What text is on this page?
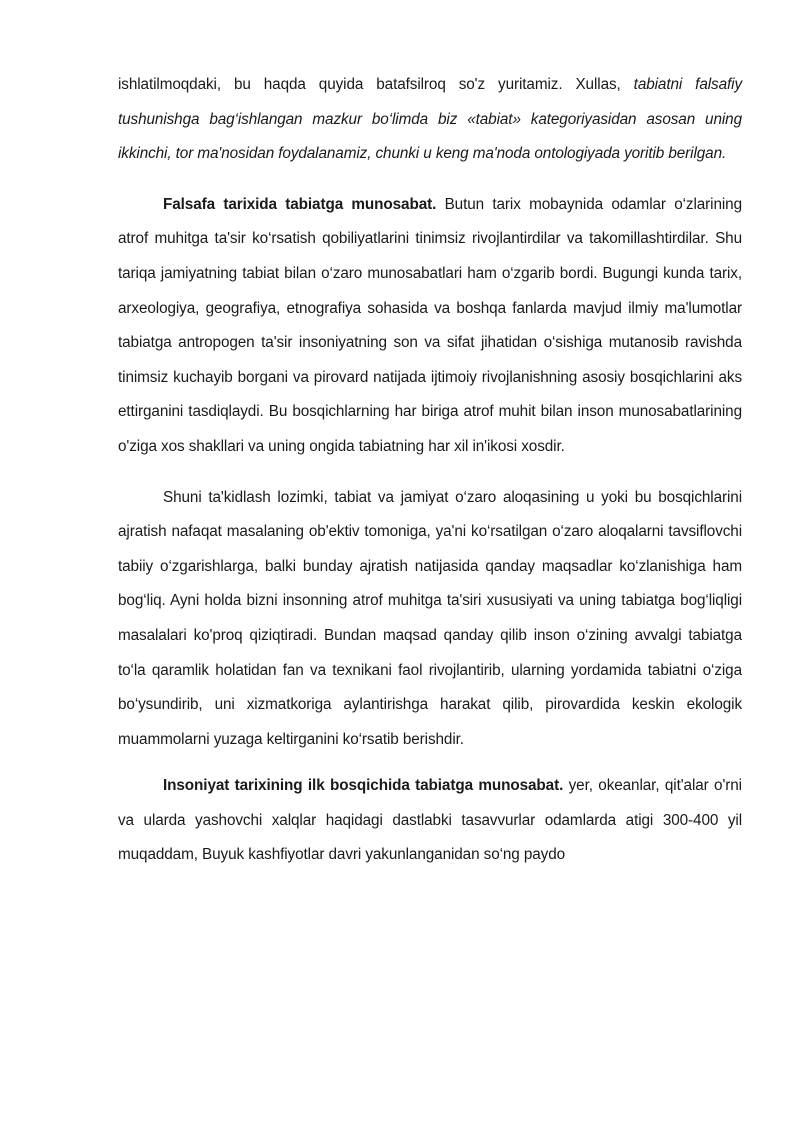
ishlatilmoqdaki, bu haqda quyida batafsilroq so'z yuritamiz. Xullas, tabiatni falsafiy tushunishga bag‘ishlangan mazkur bo‘limda biz «tabiat» kategoriyasidan asosan uning ikkinchi, tor ma'nosidan foydalanamiz, chunki u keng ma'noda ontologiyada yoritib berilgan.

Falsafa tarixida tabiatga munosabat. Butun tarix mobaynida odamlar o‘zlarining atrof muhitga ta'sir ko‘rsatish qobiliyatlarini tinimsiz rivojlantirdilar va takomillashtirdilar. Shu tariqa jamiyatning tabiat bilan o‘zaro munosabatlari ham o‘zgarib bordi. Bugungi kunda tarix, arxeologiya, geografiya, etnografiya sohasida va boshqa fanlarda mavjud ilmiy ma'lumotlar tabiatga antropogen ta'sir insoniyatning son va sifat jihatidan o‘sishiga mutanosib ravishda tinimsiz kuchayib borgani va pirovard natijada ijtimoiy rivojlanishning asosiy bosqichlarini aks ettirganini tasdiqlaydi. Bu bosqichlarning har biriga atrof muhit bilan inson munosabatlarining o'ziga xos shakllari va uning ongida tabiatning har xil in'ikosi xosdir.

Shuni ta'kidlash lozimki, tabiat va jamiyat o‘zaro aloqasining u yoki bu bosqichlarini ajratish nafaqat masalaning ob'ektiv tomoniga, ya'ni ko‘rsatilgan o‘zaro aloqalarni tavsiflovchi tabiiy o‘zgarishlarga, balki bunday ajratish natijasida qanday maqsadlar ko‘zlanishiga ham bog‘liq. Ayni holda bizni insonning atrof muhitga ta'siri xususiyati va uning tabiatga bog‘liqligi masalalari ko'proq qiziqtiradi. Bundan maqsad qanday qilib inson o‘zining avvalgi tabiatga to‘la qaramlik holatidan fan va texnikani faol rivojlantirib, ularning yordamida tabiatni o‘ziga bo‘ysundirib, uni xizmatkoriga aylantirishga harakat qilib, pirovardida keskin ekologik muammolarni yuzaga keltirganini ko‘rsatib berishdir.

Insoniyat tarixining ilk bosqichida tabiatga munosabat. yer, okeanlar, qit'alar o'rni va ularda yashovchi xalqlar haqidagi dastlabki tasavvurlar odamlarda atigi 300-400 yil muqaddam, Buyuk kashfiyotlar davri yakunlanganidan so‘ng paydo
